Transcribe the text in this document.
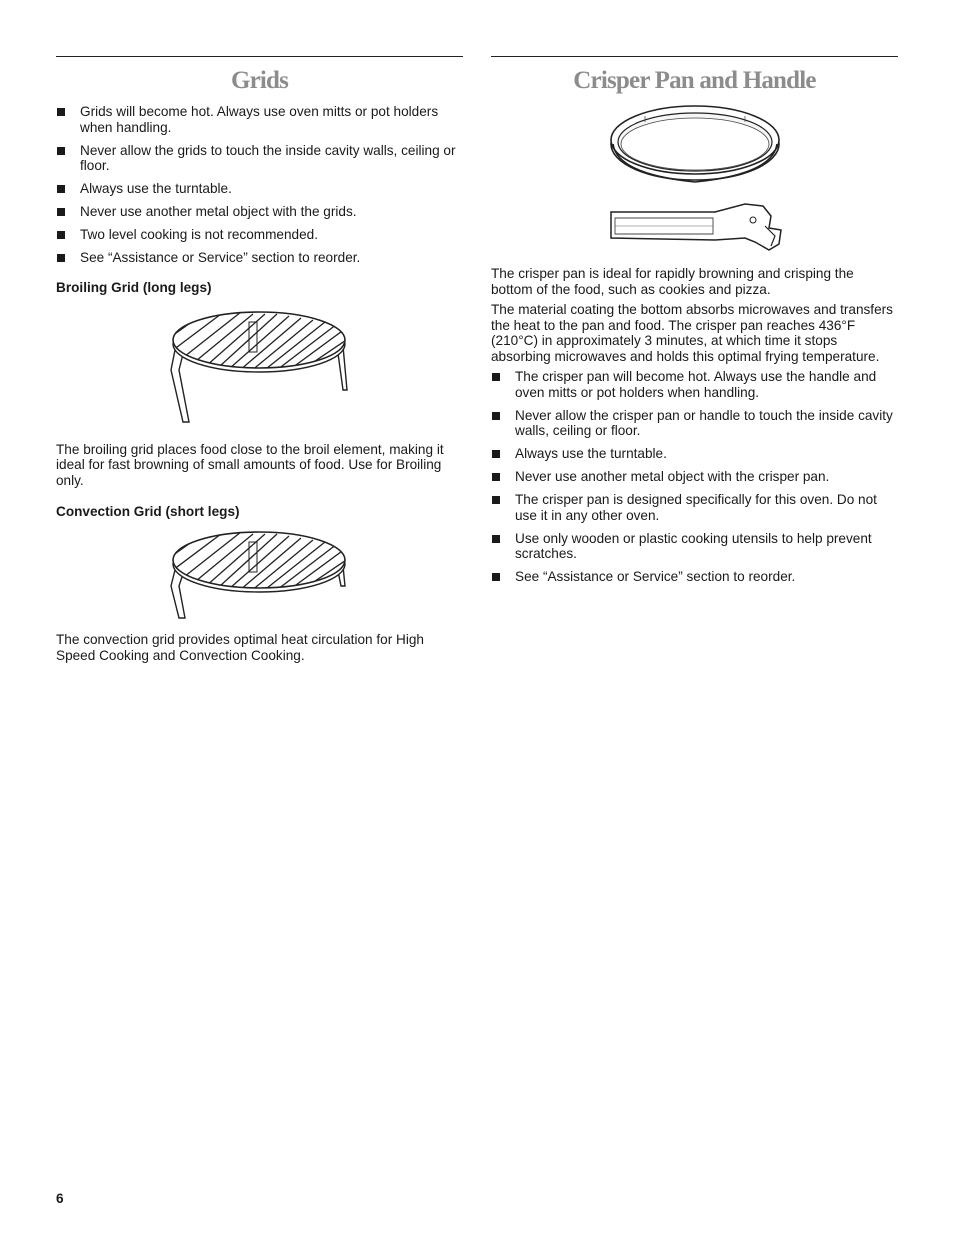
Grids
Grids will become hot. Always use oven mitts or pot holders when handling.
Never allow the grids to touch the inside cavity walls, ceiling or floor.
Always use the turntable.
Never use another metal object with the grids.
Two level cooking is not recommended.
See “Assistance or Service” section to reorder.
Broiling Grid (long legs)

The broiling grid places food close to the broil element, making it ideal for fast browning of small amounts of food. Use for Broiling only.

Convection Grid (short legs)

The convection grid provides optimal heat circulation for High Speed Cooking and Convection Cooking.

Crisper Pan and Handle

The crisper pan is ideal for rapidly browning and crisping the bottom of the food, such as cookies and pizza.

The material coating the bottom absorbs microwaves and transfers the heat to the pan and food. The crisper pan reaches 436°F (210°C) in approximately 3 minutes, at which time it stops absorbing microwaves and holds this optimal frying temperature.

The crisper pan will become hot. Always use the handle and oven mitts or pot holders when handling.
Never allow the crisper pan or handle to touch the inside cavity walls, ceiling or floor.
Always use the turntable.
Never use another metal object with the crisper pan.
The crisper pan is designed specifically for this oven. Do not use it in any other oven.
Use only wooden or plastic cooking utensils to help prevent scratches.
See “Assistance or Service” section to reorder.
6
